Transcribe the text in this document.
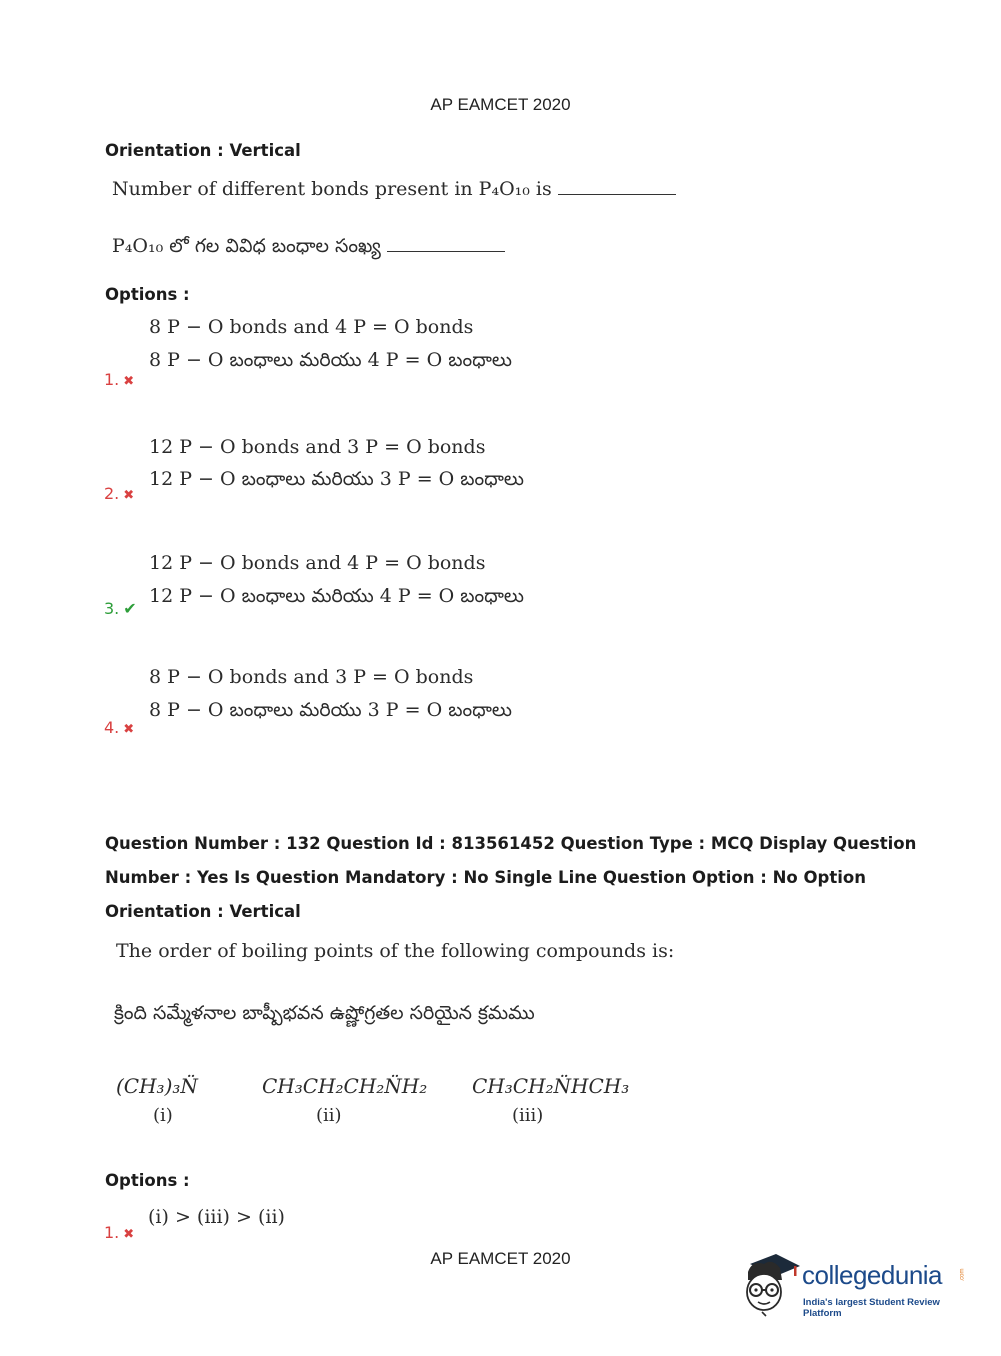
AP EAMCET 2020
Orientation : Vertical
Number of different bonds present in P₄O₁₀ is
P₄O₁₀ లో గల వివిధ బంధాల సంఖ్య
Options :
8 P − O bonds and 4 P = O bonds
8 P − O బంధాలు మరియు 4 P = O బంధాలు
1. ✖
12 P − O bonds and 3 P = O bonds
12 P − O బంధాలు మరియు 3 P = O బంధాలు
2. ✖
12 P − O bonds and 4 P = O bonds
12 P − O బంధాలు మరియు 4 P = O బంధాలు
3. ✔
8 P − O bonds and 3 P = O bonds
8 P − O బంధాలు మరియు 3 P = O బంధాలు
4. ✖
Question Number : 132 Question Id : 813561452 Question Type : MCQ Display Question
Number : Yes Is Question Mandatory : No Single Line Question Option : No Option
Orientation : Vertical
The order of boiling points of the following compounds is:
క్రింది సమ్మేళనాల బాష్పీభవన ఉష్ణోగ్రతల సరియైన క్రమము
(CH₃)₃N̈
(i)
CH₃CH₂CH₂N̈H₂
(ii)
CH₃CH₂N̈HCH₃
(iii)
Options :
(i) > (iii) > (ii)
1. ✖
AP EAMCET 2020
collegedunia	.com
India's largest Student Review Platform
